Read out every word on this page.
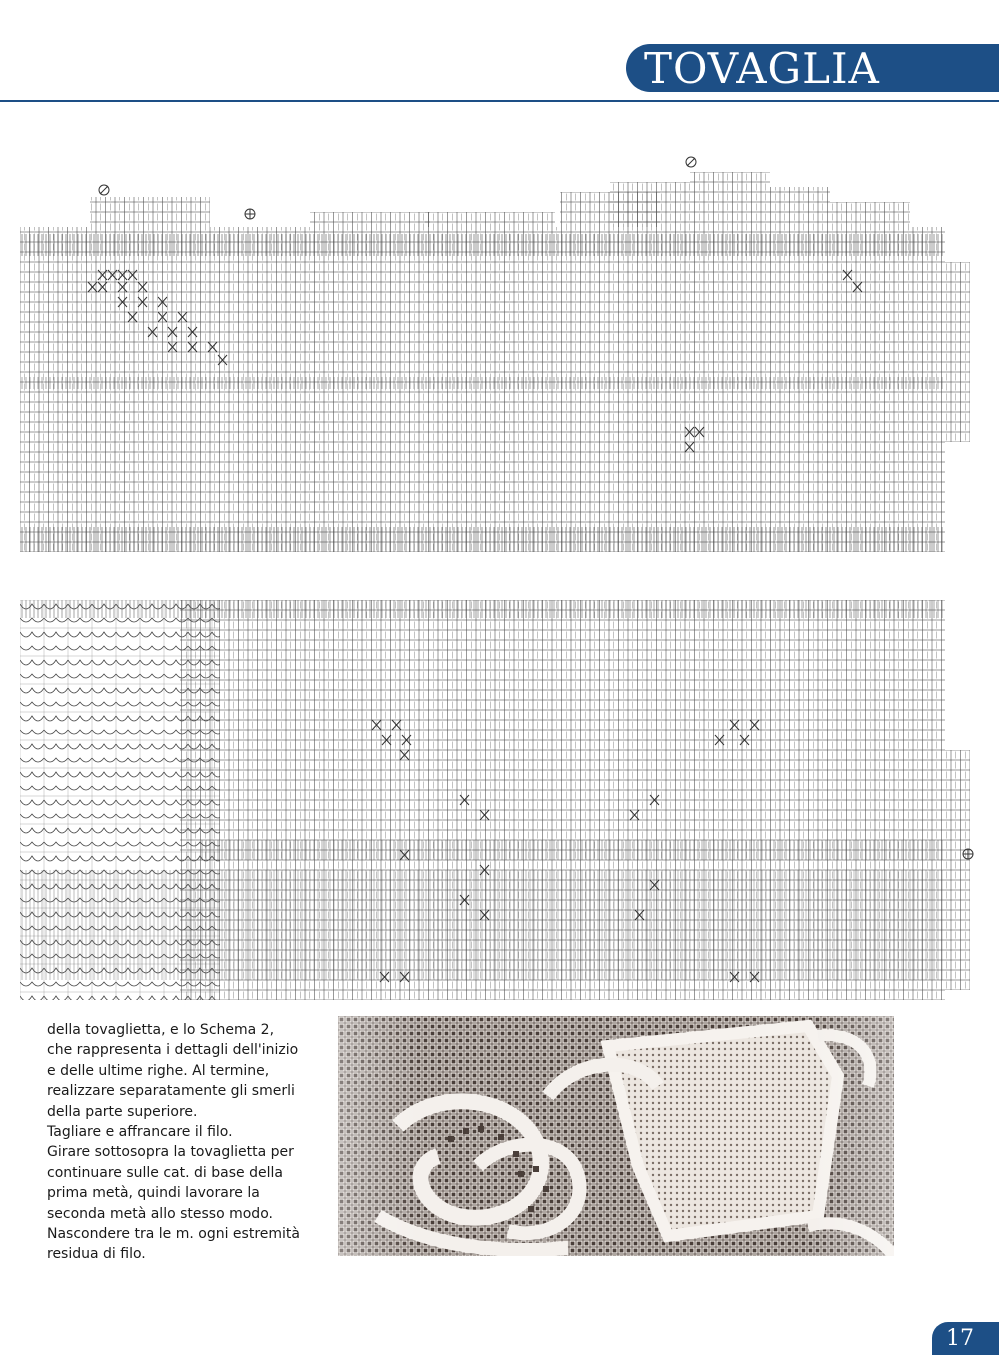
TOVAGLIA
della tovaglietta, e lo Schema 2,
che rappresenta i dettagli dell'inizio
e delle ultime righe. Al termine,
realizzare separatamente gli smerli
della parte superiore.
Tagliare e affrancare il filo.
Girare sottosopra la tovaglietta per
continuare sulle cat. di base della
prima metà, quindi lavorare la
seconda metà allo stesso modo.
Nascondere tra le m. ogni estremità
residua di filo.
17
